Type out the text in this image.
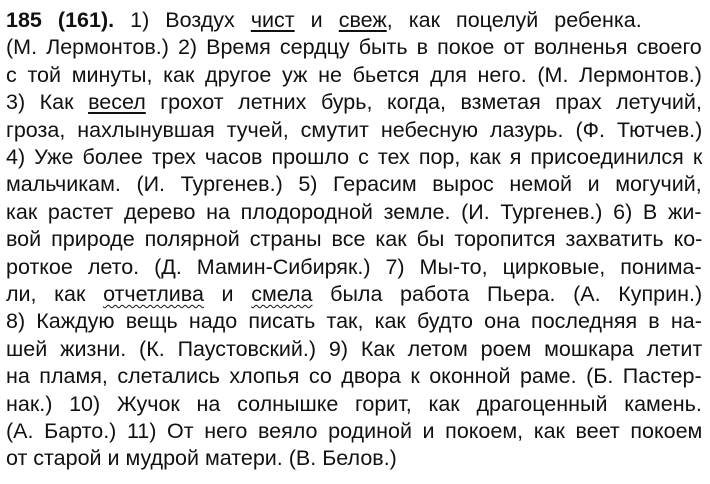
185 (161). 1) Воздух чист и свеж, как поцелуй ребенка.
(М. Лермонтов.) 2) Время сердцу быть в покое от волненья своего
с той минуты, как другое уж не бьется для него. (М. Лермонтов.)
3) Как весел грохот летних бурь, когда, взметая прах летучий,
гроза, нахлынувшая тучей, смутит небесную лазурь. (Ф. Тютчев.)
4) Уже более трех часов прошло с тех пор, как я присоединился к
мальчикам. (И. Тургенев.) 5) Герасим вырос немой и могучий,
как растет дерево на плодородной земле. (И. Тургенев.) 6) В жи-
вой природе полярной страны все как бы торопится захватить ко-
роткое лето. (Д. Мамин-Сибиряк.) 7) Мы-то, цирковые, понима-
ли, как отчетлива и смела была работа Пьера. (А. Куприн.)
8) Каждую вещь надо писать так, как будто она последняя в на-
шей жизни. (К. Паустовский.) 9) Как летом роем мошкара летит
на пламя, слетались хлопья со двора к оконной раме. (Б. Пастер-
нак.) 10) Жучок на солнышке горит, как драгоценный камень.
(А. Барто.) 11) От него веяло родиной и покоем, как веет покоем
от старой и мудрой матери. (В. Белов.)
